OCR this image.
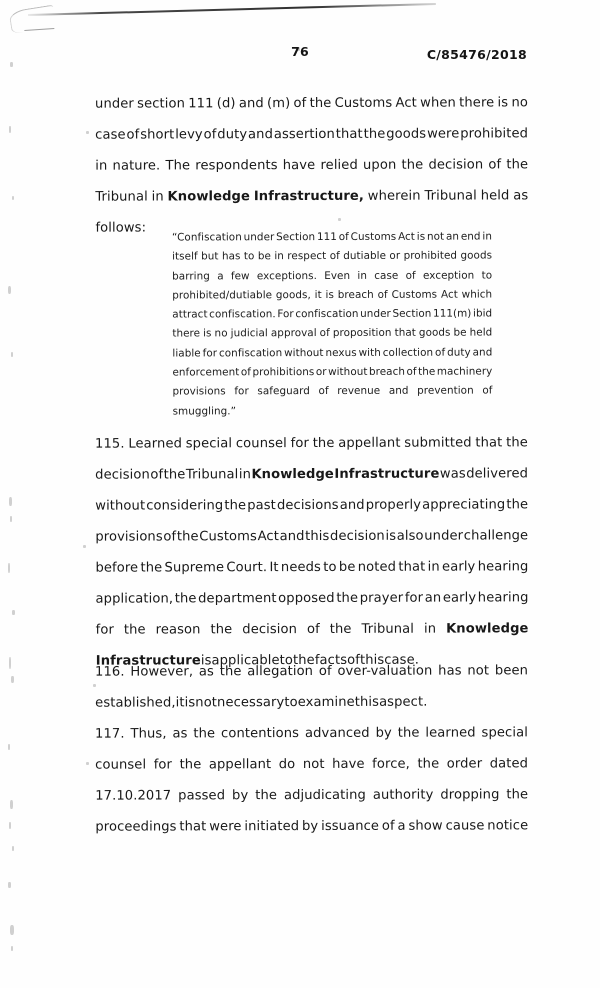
76	C/85476/2018
under section 111 (d) and (m) of the Customs Act when there is no
case of short levy of duty and assertion that the goods were prohibited
in nature. The respondents have relied upon the decision of the
Tribunal in Knowledge Infrastructure, wherein Tribunal held as
follows:
“Confiscation under Section 111 of Customs Act is not an end in
itself but has to be in respect of dutiable or prohibited goods
barring a few exceptions. Even in case of exception to
prohibited/dutiable goods, it is breach of Customs Act which
attract confiscation. For confiscation under Section 111(m) ibid
there is no judicial approval of proposition that goods be held
liable for confiscation without nexus with collection of duty and
enforcement of prohibitions or without breach of the machinery
provisions for safeguard of revenue and prevention of
smuggling.”
115. Learned special counsel for the appellant submitted that the
decision of the Tribunal in Knowledge Infrastructure was delivered
without considering the past decisions and properly appreciating the
provisions of the Customs Act and this decision is also under challenge
before the Supreme Court. It needs to be noted that in early hearing
application, the department opposed the prayer for an early hearing
for the reason the decision of the Tribunal in Knowledge
Infrastructure is applicable to the facts of this case.
116. However, as the allegation of over-valuation has not been
established, it is not necessary to examine this aspect.
117. Thus, as the contentions advanced by the learned special
counsel for the appellant do not have force, the order dated
17.10.2017 passed by the adjudicating authority dropping the
proceedings that were initiated by issuance of a show cause notice
